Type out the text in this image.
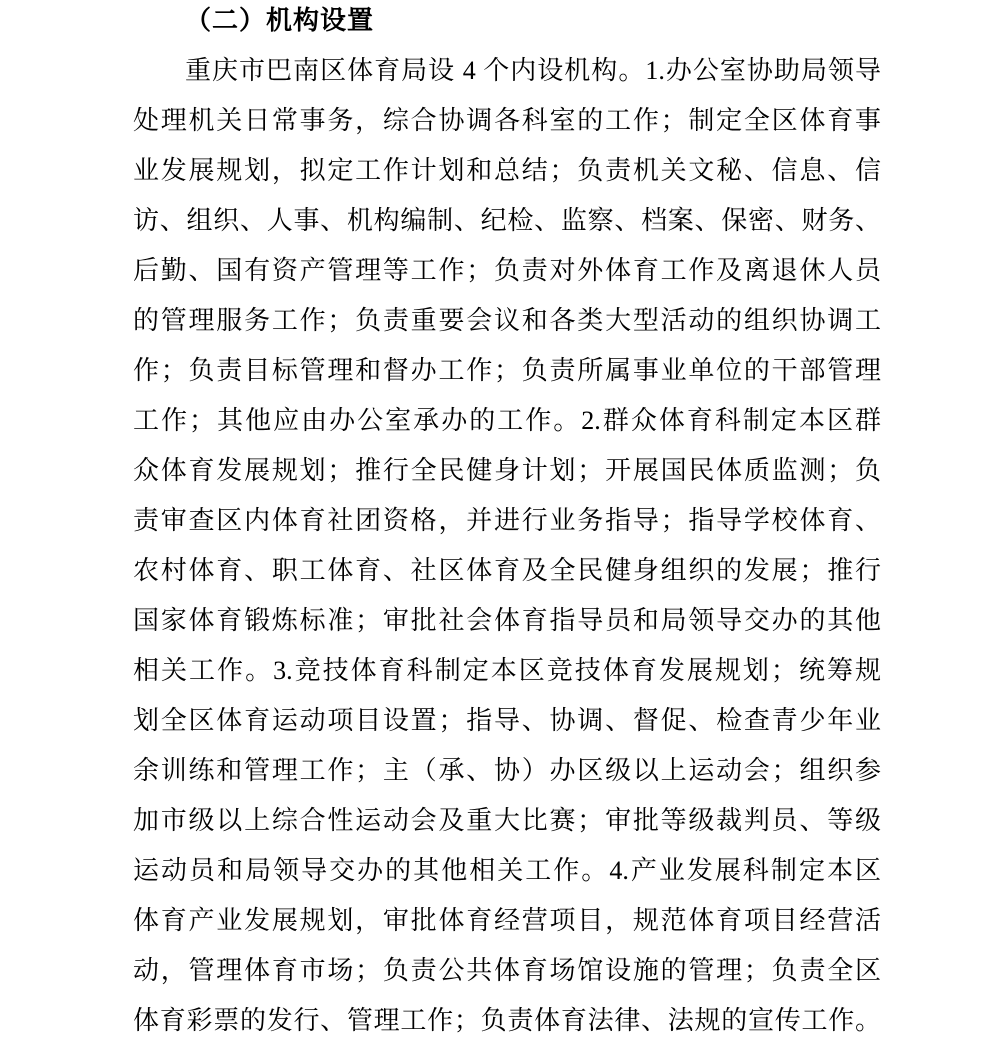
（二）机构设置
重庆市巴南区体育局设 4 个内设机构。1.办公室协助局领导
处理机关日常事务，综合协调各科室的工作；制定全区体育事
业发展规划，拟定工作计划和总结；负责机关文秘、信息、信
访、组织、人事、机构编制、纪检、监察、档案、保密、财务、
后勤、国有资产管理等工作；负责对外体育工作及离退休人员
的管理服务工作；负责重要会议和各类大型活动的组织协调工
作；负责目标管理和督办工作；负责所属事业单位的干部管理
工作；其他应由办公室承办的工作。2.群众体育科制定本区群
众体育发展规划；推行全民健身计划；开展国民体质监测；负
责审查区内体育社团资格，并进行业务指导；指导学校体育、
农村体育、职工体育、社区体育及全民健身组织的发展；推行
国家体育锻炼标准；审批社会体育指导员和局领导交办的其他
相关工作。3.竞技体育科制定本区竞技体育发展规划；统筹规
划全区体育运动项目设置；指导、协调、督促、检查青少年业
余训练和管理工作；主（承、协）办区级以上运动会；组织参
加市级以上综合性运动会及重大比赛；审批等级裁判员、等级
运动员和局领导交办的其他相关工作。4.产业发展科制定本区
体育产业发展规划，审批体育经营项目，规范体育项目经营活
动，管理体育市场；负责公共体育场馆设施的管理；负责全区
体育彩票的发行、管理工作；负责体育法律、法规的宣传工作。
